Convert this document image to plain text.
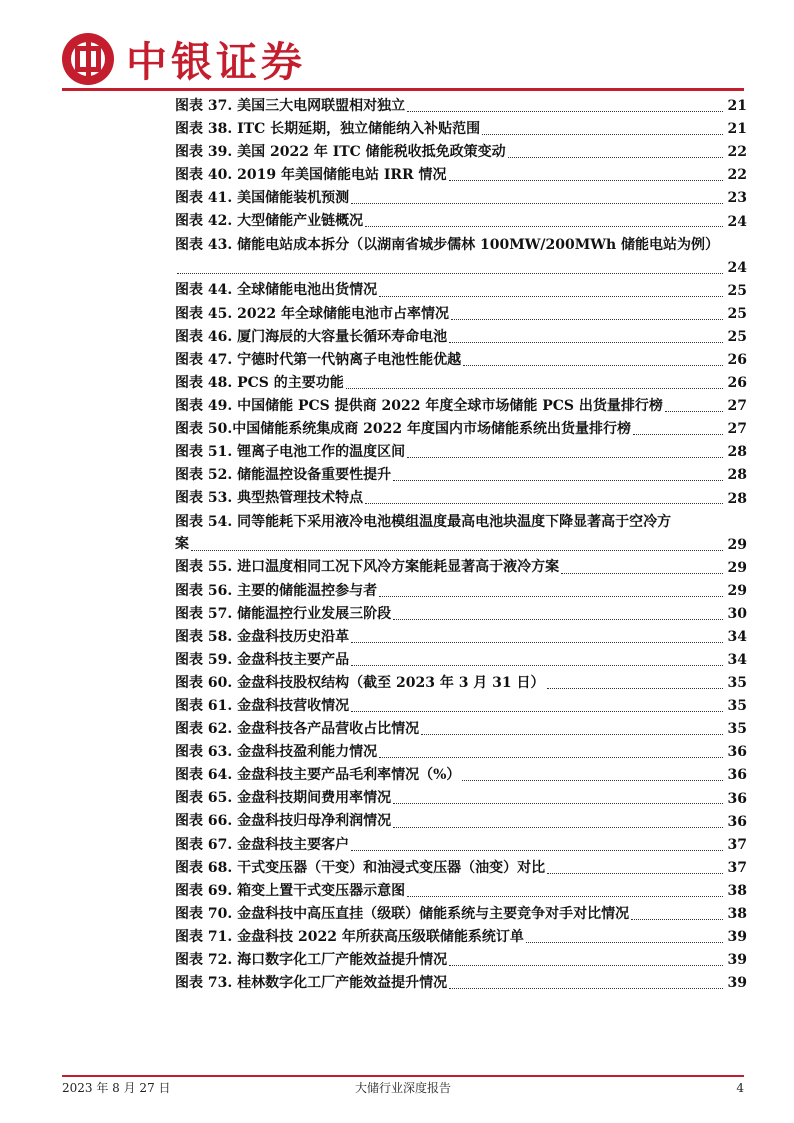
中银证券
图表 37. 美国三大电网联盟相对独立	21
图表 38. ITC 长期延期，独立储能纳入补贴范围	21
图表 39. 美国 2022 年 ITC 储能税收抵免政策变动	22
图表 40. 2019 年美国储能电站 IRR 情况	22
图表 41. 美国储能装机预测	23
图表 42. 大型储能产业链概况	24
图表 43. 储能电站成本拆分（以湖南省城步儒林 100MW/200MWh 储能电站为例）
24
图表 44. 全球储能电池出货情况	25
图表 45. 2022 年全球储能电池市占率情况	25
图表 46. 厦门海辰的大容量长循环寿命电池	25
图表 47. 宁德时代第一代钠离子电池性能优越	26
图表 48. PCS 的主要功能	26
图表 49. 中国储能 PCS 提供商 2022 年度全球市场储能 PCS 出货量排行榜	27
图表 50.中国储能系统集成商 2022 年度国内市场储能系统出货量排行榜	27
图表 51. 锂离子电池工作的温度区间	28
图表 52. 储能温控设备重要性提升	28
图表 53. 典型热管理技术特点	28
图表 54. 同等能耗下采用液冷电池模组温度最高电池块温度下降显著高于空冷方
案	29
图表 55. 进口温度相同工况下风冷方案能耗显著高于液冷方案	29
图表 56. 主要的储能温控参与者	29
图表 57. 储能温控行业发展三阶段	30
图表 58. 金盘科技历史沿革	34
图表 59. 金盘科技主要产品	34
图表 60. 金盘科技股权结构（截至 2023 年 3 月 31 日）	35
图表 61. 金盘科技营收情况	35
图表 62. 金盘科技各产品营收占比情况	35
图表 63. 金盘科技盈利能力情况	36
图表 64. 金盘科技主要产品毛利率情况（%）	36
图表 65. 金盘科技期间费用率情况	36
图表 66. 金盘科技归母净利润情况	36
图表 67. 金盘科技主要客户	37
图表 68. 干式变压器（干变）和油浸式变压器（油变）对比	37
图表 69. 箱变上置干式变压器示意图	38
图表 70. 金盘科技中高压直挂（级联）储能系统与主要竞争对手对比情况	38
图表 71. 金盘科技 2022 年所获高压级联储能系统订单	39
图表 72. 海口数字化工厂产能效益提升情况	39
图表 73. 桂林数字化工厂产能效益提升情况	39
2023 年 8 月 27 日	大储行业深度报告	4
